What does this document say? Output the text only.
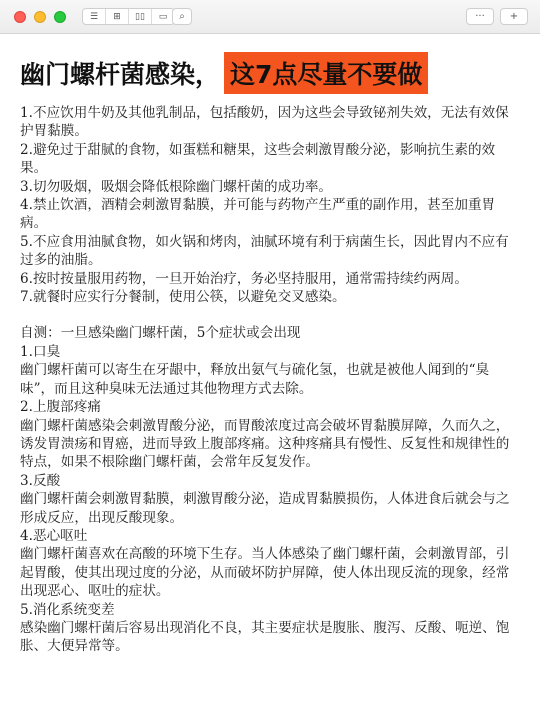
☰	⊞	▯▯	▭	⌕	···	+
幽门螺杆菌感染， 这7点尽量不要做

1.不应饮用牛奶及其他乳制品，包括酸奶，因为这些会导致铋剂失效，无法有效保护胃黏膜。

2.避免过于甜腻的食物，如蛋糕和糖果，这些会刺激胃酸分泌，影响抗生素的效果。

3.切勿吸烟，吸烟会降低根除幽门螺杆菌的成功率。

4.禁止饮酒，酒精会刺激胃黏膜，并可能与药物产生严重的副作用，甚至加重胃病。

5.不应食用油腻食物，如火锅和烤肉，油腻环境有利于病菌生长，因此胃内不应有过多的油脂。

6.按时按量服用药物，一旦开始治疗，务必坚持服用，通常需持续约两周。

7.就餐时应实行分餐制，使用公筷，以避免交叉感染。

自测：一旦感染幽门螺杆菌，5个症状或会出现

1.口臭

幽门螺杆菌可以寄生在牙龈中，释放出氨气与硫化氢，也就是被他人闻到的“臭味”，而且这种臭味无法通过其他物理方式去除。

2.上腹部疼痛

幽门螺杆菌感染会刺激胃酸分泌，而胃酸浓度过高会破坏胃黏膜屏障，久而久之，诱发胃溃疡和胃癌，进而导致上腹部疼痛。这种疼痛具有慢性、反复性和规律性的特点，如果不根除幽门螺杆菌，会常年反复发作。

3.反酸

幽门螺杆菌会刺激胃黏膜，刺激胃酸分泌，造成胃黏膜损伤，人体进食后就会与之形成反应，出现反酸现象。

4.恶心呕吐

幽门螺杆菌喜欢在高酸的环境下生存。当人体感染了幽门螺杆菌，会刺激胃部，引起胃酸，使其出现过度的分泌，从而破坏防护屏障，使人体出现反流的现象，经常出现恶心、呕吐的症状。

5.消化系统变差

感染幽门螺杆菌后容易出现消化不良，其主要症状是腹胀、腹泻、反酸、呃逆、饱胀、大便异常等。
